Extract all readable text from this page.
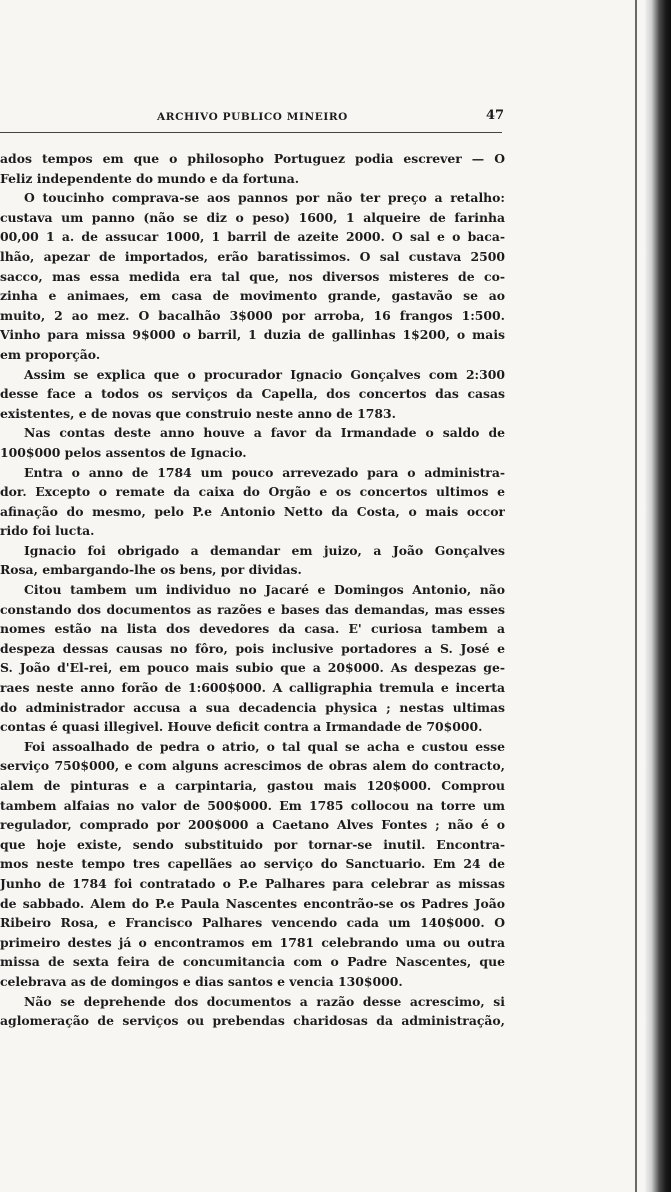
ARCHIVO PUBLICO MINEIRO	47
ados tempos em que o philosopho Portuguez podia escrever — O
Feliz independente do mundo e da fortuna.
O toucinho comprava-se aos pannos por não ter preço a retalho:
custava um panno (não se diz o peso) 1600, 1 alqueire de farinha
00,00 1 a. de assucar 1000, 1 barril de azeite 2000. O sal e o baca-
lhão, apezar de importados, erão baratissimos. O sal custava 2500
sacco, mas essa medida era tal que, nos diversos misteres de co-
zinha e animaes, em casa de movimento grande, gastavão se ao
muito, 2 ao mez. O bacalhão 3$000 por arroba, 16 frangos 1:500.
Vinho para missa 9$000 o barril, 1 duzia de gallinhas 1$200, o mais
em proporção.
Assim se explica que o procurador Ignacio Gonçalves com 2:300
desse face a todos os serviços da Capella, dos concertos das casas
existentes, e de novas que construio neste anno de 1783.
Nas contas deste anno houve a favor da Irmandade o saldo de
100$000 pelos assentos de Ignacio.
Entra o anno de 1784 um pouco arrevezado para o administra-
dor. Excepto o remate da caixa do Orgão e os concertos ultimos e
afinação do mesmo, pelo P.e Antonio Netto da Costa, o mais occor
rido foi lucta.
Ignacio foi obrigado a demandar em juizo, a João Gonçalves
Rosa, embargando-lhe os bens, por dividas.
Citou tambem um individuo no Jacaré e Domingos Antonio, não
constando dos documentos as razões e bases das demandas, mas esses
nomes estão na lista dos devedores da casa. E' curiosa tambem a
despeza dessas causas no fôro, pois inclusive portadores a S. José e
S. João d'El-rei, em pouco mais subio que a 20$000. As despezas ge-
raes neste anno forão de 1:600$000. A calligraphia tremula e incerta
do administrador accusa a sua decadencia physica ; nestas ultimas
contas é quasi illegivel. Houve deficit contra a Irmandade de 70$000.
Foi assoalhado de pedra o atrio, o tal qual se acha e custou esse
serviço 750$000, e com alguns acrescimos de obras alem do contracto,
alem de pinturas e a carpintaria, gastou mais 120$000. Comprou
tambem alfaias no valor de 500$000. Em 1785 collocou na torre um
regulador, comprado por 200$000 a Caetano Alves Fontes ; não é o
que hoje existe, sendo substituido por tornar-se inutil. Encontra-
mos neste tempo tres capellães ao serviço do Sanctuario. Em 24 de
Junho de 1784 foi contratado o P.e Palhares para celebrar as missas
de sabbado. Alem do P.e Paula Nascentes encontrão-se os Padres João
Ribeiro Rosa, e Francisco Palhares vencendo cada um 140$000. O
primeiro destes já o encontramos em 1781 celebrando uma ou outra
missa de sexta feira de concumitancia com o Padre Nascentes, que
celebrava as de domingos e dias santos e vencia 130$000.
Não se deprehende dos documentos a razão desse acrescimo, si
aglomeração de serviços ou prebendas charidosas da administração,
